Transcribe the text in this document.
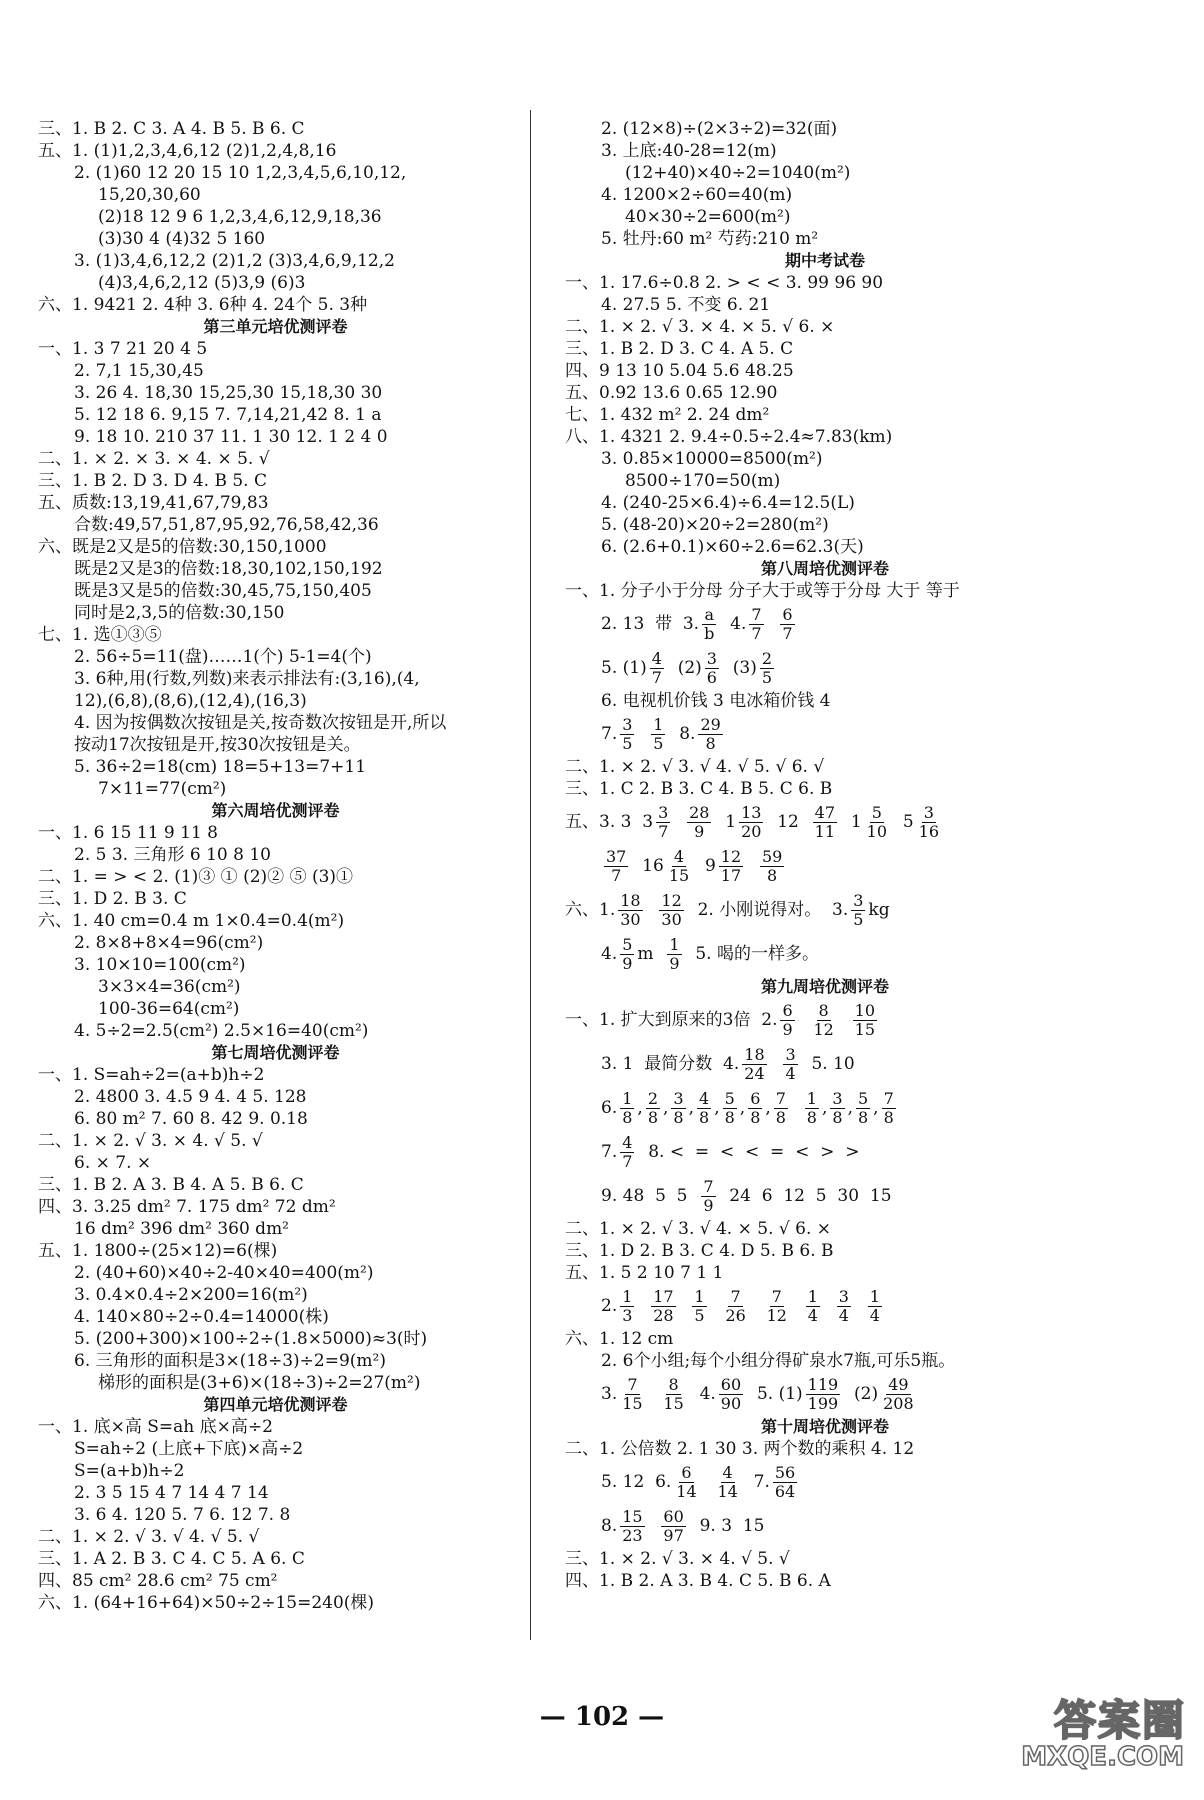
三、1. B 2. C 3. A 4. B 5. B 6. C
五、1. (1)1,2,3,4,6,12 (2)1,2,4,8,16
2. (1)60 12 20 15 10 1,2,3,4,5,6,10,12,
15,20,30,60
(2)18 12 9 6 1,2,3,4,6,12,9,18,36
(3)30 4 (4)32 5 160
3. (1)3,4,6,12,2 (2)1,2 (3)3,4,6,9,12,2
(4)3,4,6,2,12 (5)3,9 (6)3
六、1. 9421 2. 4种 3. 6种 4. 24个 5. 3种
第三单元培优测评卷
一、1. 3 7 21 20 4 5
2. 7,1 15,30,45
3. 26 4. 18,30 15,25,30 15,18,30 30
5. 12 18 6. 9,15 7. 7,14,21,42 8. 1 a
9. 18 10. 210 37 11. 1 30 12. 1 2 4 0
二、1. × 2. × 3. × 4. × 5. √
三、1. B 2. D 3. D 4. B 5. C
五、质数:13,19,41,67,79,83
合数:49,57,51,87,95,92,76,58,42,36
六、既是2又是5的倍数:30,150,1000
既是2又是3的倍数:18,30,102,150,192
既是3又是5的倍数:30,45,75,150,405
同时是2,3,5的倍数:30,150
七、1. 选①③⑤
2. 56÷5=11(盘)……1(个) 5-1=4(个)
3. 6种,用(行数,列数)来表示排法有:(3,16),(4,
12),(6,8),(8,6),(12,4),(16,3)
4. 因为按偶数次按钮是关,按奇数次按钮是开,所以
按动17次按钮是开,按30次按钮是关。
5. 36÷2=18(cm) 18=5+13=7+11
7×11=77(cm²)
第六周培优测评卷
一、1. 6 15 11 9 11 8
2. 5 3. 三角形 6 10 8 10
二、1. = > < 2. (1)③ ① (2)② ⑤ (3)①
三、1. D 2. B 3. C
六、1. 40 cm=0.4 m 1×0.4=0.4(m²)
2. 8×8+8×4=96(cm²)
3. 10×10=100(cm²)
3×3×4=36(cm²)
100-36=64(cm²)
4. 5÷2=2.5(cm²) 2.5×16=40(cm²)
第七周培优测评卷
一、1. S=ah÷2=(a+b)h÷2
2. 4800 3. 4.5 9 4. 4 5. 128
6. 80 m² 7. 60 8. 42 9. 0.18
二、1. × 2. √ 3. × 4. √ 5. √
6. × 7. ×
三、1. B 2. A 3. B 4. A 5. B 6. C
四、3. 3.25 dm² 7. 175 dm² 72 dm²
16 dm² 396 dm² 360 dm²
五、1. 1800÷(25×12)=6(棵)
2. (40+60)×40÷2-40×40=400(m²)
3. 0.4×0.4÷2×200=16(m²)
4. 140×80÷2÷0.4=14000(株)
5. (200+300)×100÷2÷(1.8×5000)≈3(时)
6. 三角形的面积是3×(18÷3)÷2=9(m²)
梯形的面积是(3+6)×(18÷3)÷2=27(m²)
第四单元培优测评卷
一、1. 底×高 S=ah 底×高÷2
S=ah÷2 (上底+下底)×高÷2
S=(a+b)h÷2
2. 3 5 15 4 7 14 4 7 14
3. 6 4. 120 5. 7 6. 12 7. 8
二、1. × 2. √ 3. √ 4. √ 5. √
三、1. A 2. B 3. C 4. C 5. A 6. C
四、85 cm² 28.6 cm² 75 cm²
六、1. (64+16+64)×50÷2÷15=240(棵)
2. (12×8)÷(2×3÷2)=32(面)
3. 上底:40-28=12(m)
(12+40)×40÷2=1040(m²)
4. 1200×2÷60=40(m)
40×30÷2=600(m²)
5. 牡丹:60 m² 芍药:210 m²
期中考试卷
一、1. 17.6÷0.8 2. > < < 3. 99 96 90
4. 27.5 5. 不变 6. 21
二、1. × 2. √ 3. × 4. × 5. √ 6. ×
三、1. B 2. D 3. C 4. A 5. C
四、9 13 10 5.04 5.6 48.25
五、0.92 13.6 0.65 12.90
七、1. 432 m² 2. 24 dm²
八、1. 4321 2. 9.4÷0.5÷2.4≈7.83(km)
3. 0.85×10000=8500(m²)
8500÷170=50(m)
4. (240-25×6.4)÷6.4=12.5(L)
5. (48-20)×20÷2=280(m²)
6. (2.6+0.1)×60÷2.6=62.3(天)
第八周培优测评卷
一、1. 分子小于分母 分子大于或等于分母 大于 等于
2. 13  带  3. $\frac{a}{b} 4$. $\frac{7}{7}$
$\frac{6}{7}$
5. $(1) \frac{4}{7} (2) \frac{3}{6} (3) \frac{2}{5}$
6. 电视机价钱 3 电冰箱价钱 4
7. $\frac{3}{5}$
$\frac{1}{5} 8$. $\frac{29}{8}$
二、1. × 2. √ 3. √ 4. √ 5. √ 6. √
三、1. C 2. B 3. C 4. B 5. C 6. B
五、3. 3  $3 \frac{3}{7}$
$\frac{28}{9} 1 \frac{13}{20} 12 \frac{47}{11} 1 \frac{5}{10} 5 \frac{3}{16}$
$\frac{37}{7} 16 \frac{4}{15} 9 \frac{12}{17}$
$\frac{59}{8}$
六、1. $\frac{18}{30}$
$\frac{12}{30} 2$. 小刚说得对。  3. $\frac{3}{5}$ kg
4. $\frac{5}{9}$ m $\frac{1}{9} 5$. 喝的一样多。
第九周培优测评卷
一、1. 扩大到原来的3倍  2. $\frac{6}{9}$
$\frac{8}{12}$
$\frac{10}{15}$
3. 1  最简分数  4. $\frac{18}{24}$
$\frac{3}{4} 5$. 10
6. $\frac{1}{8}$ , $\frac{2}{8}$ , $\frac{3}{8}$ , $\frac{4}{8}$ , $\frac{5}{8}$ , $\frac{6}{8}$ , $\frac{7}{8}$
$\frac{1}{8}$ , $\frac{3}{8}$ , $\frac{5}{8}$ , $\frac{7}{8}$
7. $\frac{4}{7} 8$. <  =  <  <  =  <  >  >
9. 48  5  $5 \frac{7}{9} 24$  6  12  5  30  15
二、1. × 2. √ 3. √ 4. × 5. √ 6. ×
三、1. D 2. B 3. C 4. D 5. B 6. B
五、1. 5 2 10 7 1 1
2. $\frac{1}{3}$
$\frac{17}{28}$
$\frac{1}{5}$
$\frac{7}{26}$
$\frac{7}{12}$
$\frac{1}{4}$
$\frac{3}{4}$
$\frac{1}{4}$
六、1. 12 cm
2. 6个小组;每个小组分得矿泉水7瓶,可乐5瓶。
3. $\frac{7}{15}$
$\frac{8}{15} 4$. $\frac{60}{90} 5$. $(1) \frac{119}{199} (2) \frac{49}{208}$
第十周培优测评卷
二、1. 公倍数 2. 1 30 3. 两个数的乘积 4. 12
5. 12  6. $\frac{6}{14}$
$\frac{4}{14} 7$. $\frac{56}{64}$
8. $\frac{15}{23}$
$\frac{60}{97} 9$. 3  15
三、1. × 2. √ 3. × 4. √ 5. √
四、1. B 2. A 3. B 4. C 5. B 6. A
— 102 —	答案圈
MXQE.COM
